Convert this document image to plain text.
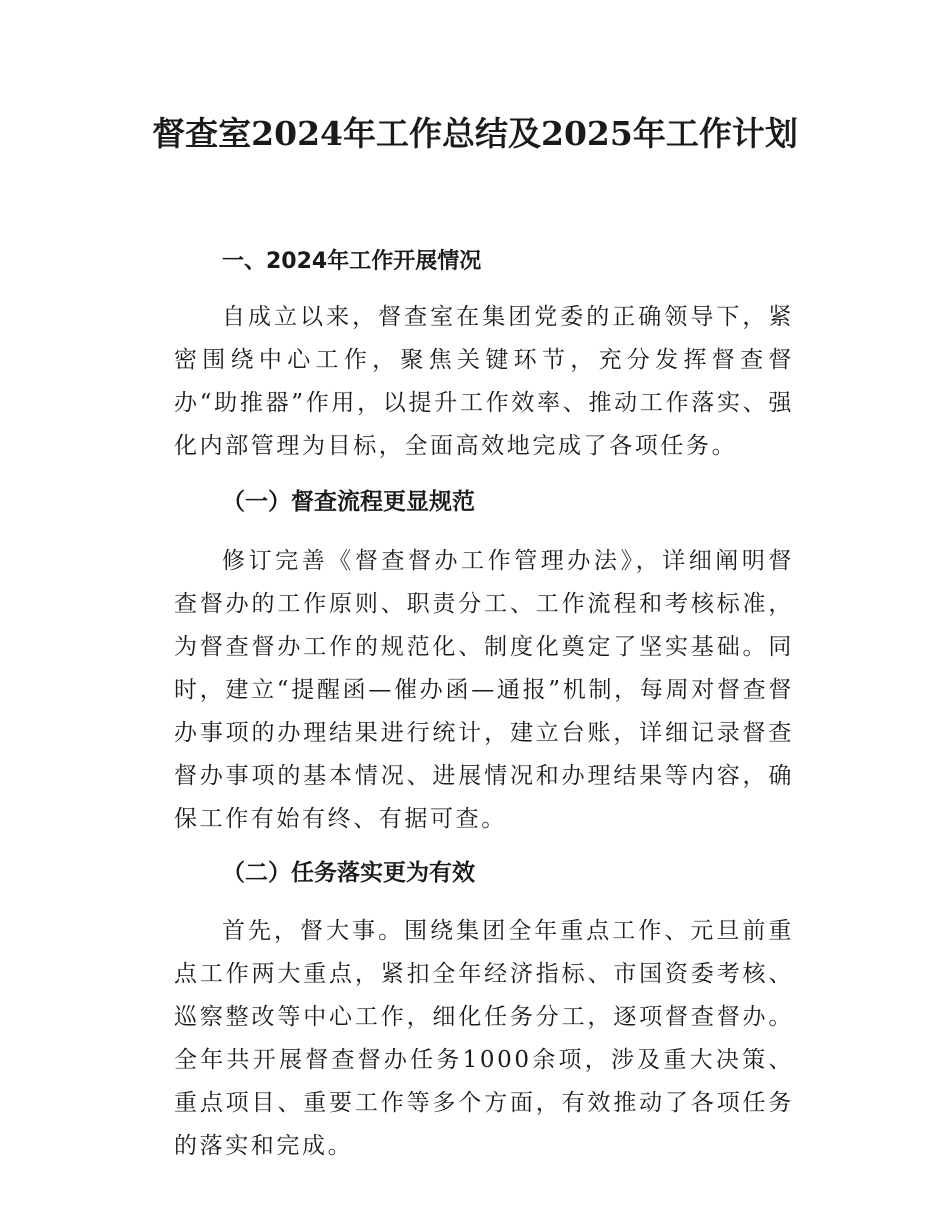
督查室2024年工作总结及2025年工作计划
一、2024年工作开展情况

自成立以来，督查室在集团党委的正确领导下，紧密围绕中心工作，聚焦关键环节，充分发挥督查督办“助推器”作用，以提升工作效率、推动工作落实、强化内部管理为目标，全面高效地完成了各项任务。

（一）督查流程更显规范

修订完善《督查督办工作管理办法》，详细阐明督查督办的工作原则、职责分工、工作流程和考核标准，为督查督办工作的规范化、制度化奠定了坚实基础。同时，建立“提醒函—催办函—通报”机制，每周对督查督办事项的办理结果进行统计，建立台账，详细记录督查督办事项的基本情况、进展情况和办理结果等内容，确保工作有始有终、有据可查。

（二）任务落实更为有效

首先，督大事。围绕集团全年重点工作、元旦前重点工作两大重点，紧扣全年经济指标、市国资委考核、巡察整改等中心工作，细化任务分工，逐项督查督办。全年共开展督查督办任务1000余项，涉及重大决策、重点项目、重要工作等多个方面，有效推动了各项任务的落实和完成。
